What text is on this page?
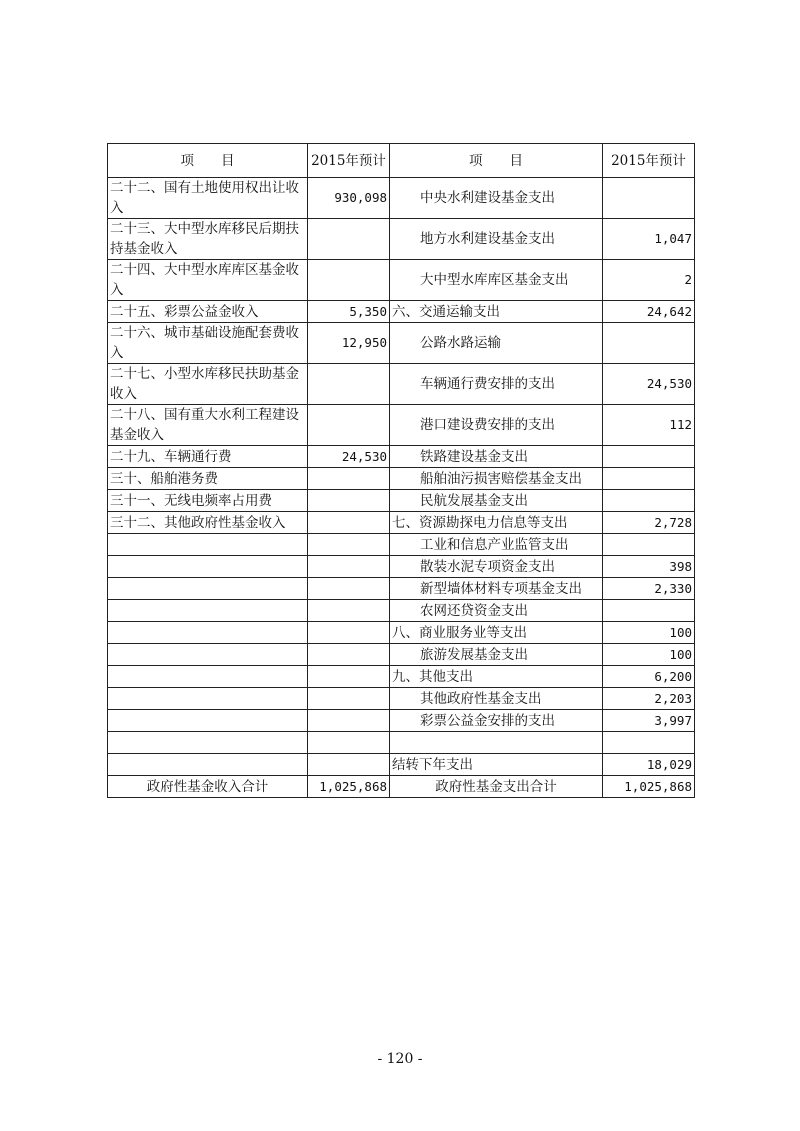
项　　目	2015年预计	项　　目	2015年预计
二十二、国有土地使用权出让收入	930,098	中央水利建设基金支出	
二十三、大中型水库移民后期扶持基金收入		地方水利建设基金支出	1,047
二十四、大中型水库库区基金收入		大中型水库库区基金支出	2
二十五、彩票公益金收入	5,350	六、交通运输支出	24,642
二十六、城市基础设施配套费收入	12,950	公路水路运输	
二十七、小型水库移民扶助基金收入		车辆通行费安排的支出	24,530
二十八、国有重大水利工程建设基金收入		港口建设费安排的支出	112
二十九、车辆通行费	24,530	铁路建设基金支出	
三十、船舶港务费		船舶油污损害赔偿基金支出	
三十一、无线电频率占用费		民航发展基金支出	
三十二、其他政府性基金收入		七、资源勘探电力信息等支出	2,728
		工业和信息产业监管支出	
		散装水泥专项资金支出	398
		新型墙体材料专项基金支出	2,330
		农网还贷资金支出	
		八、商业服务业等支出	100
		旅游发展基金支出	100
		九、其他支出	6,200
		其他政府性基金支出	2,203
		彩票公益金安排的支出	3,997

		结转下年支出	18,029
政府性基金收入合计	1,025,868	政府性基金支出合计	1,025,868
- 120 -
